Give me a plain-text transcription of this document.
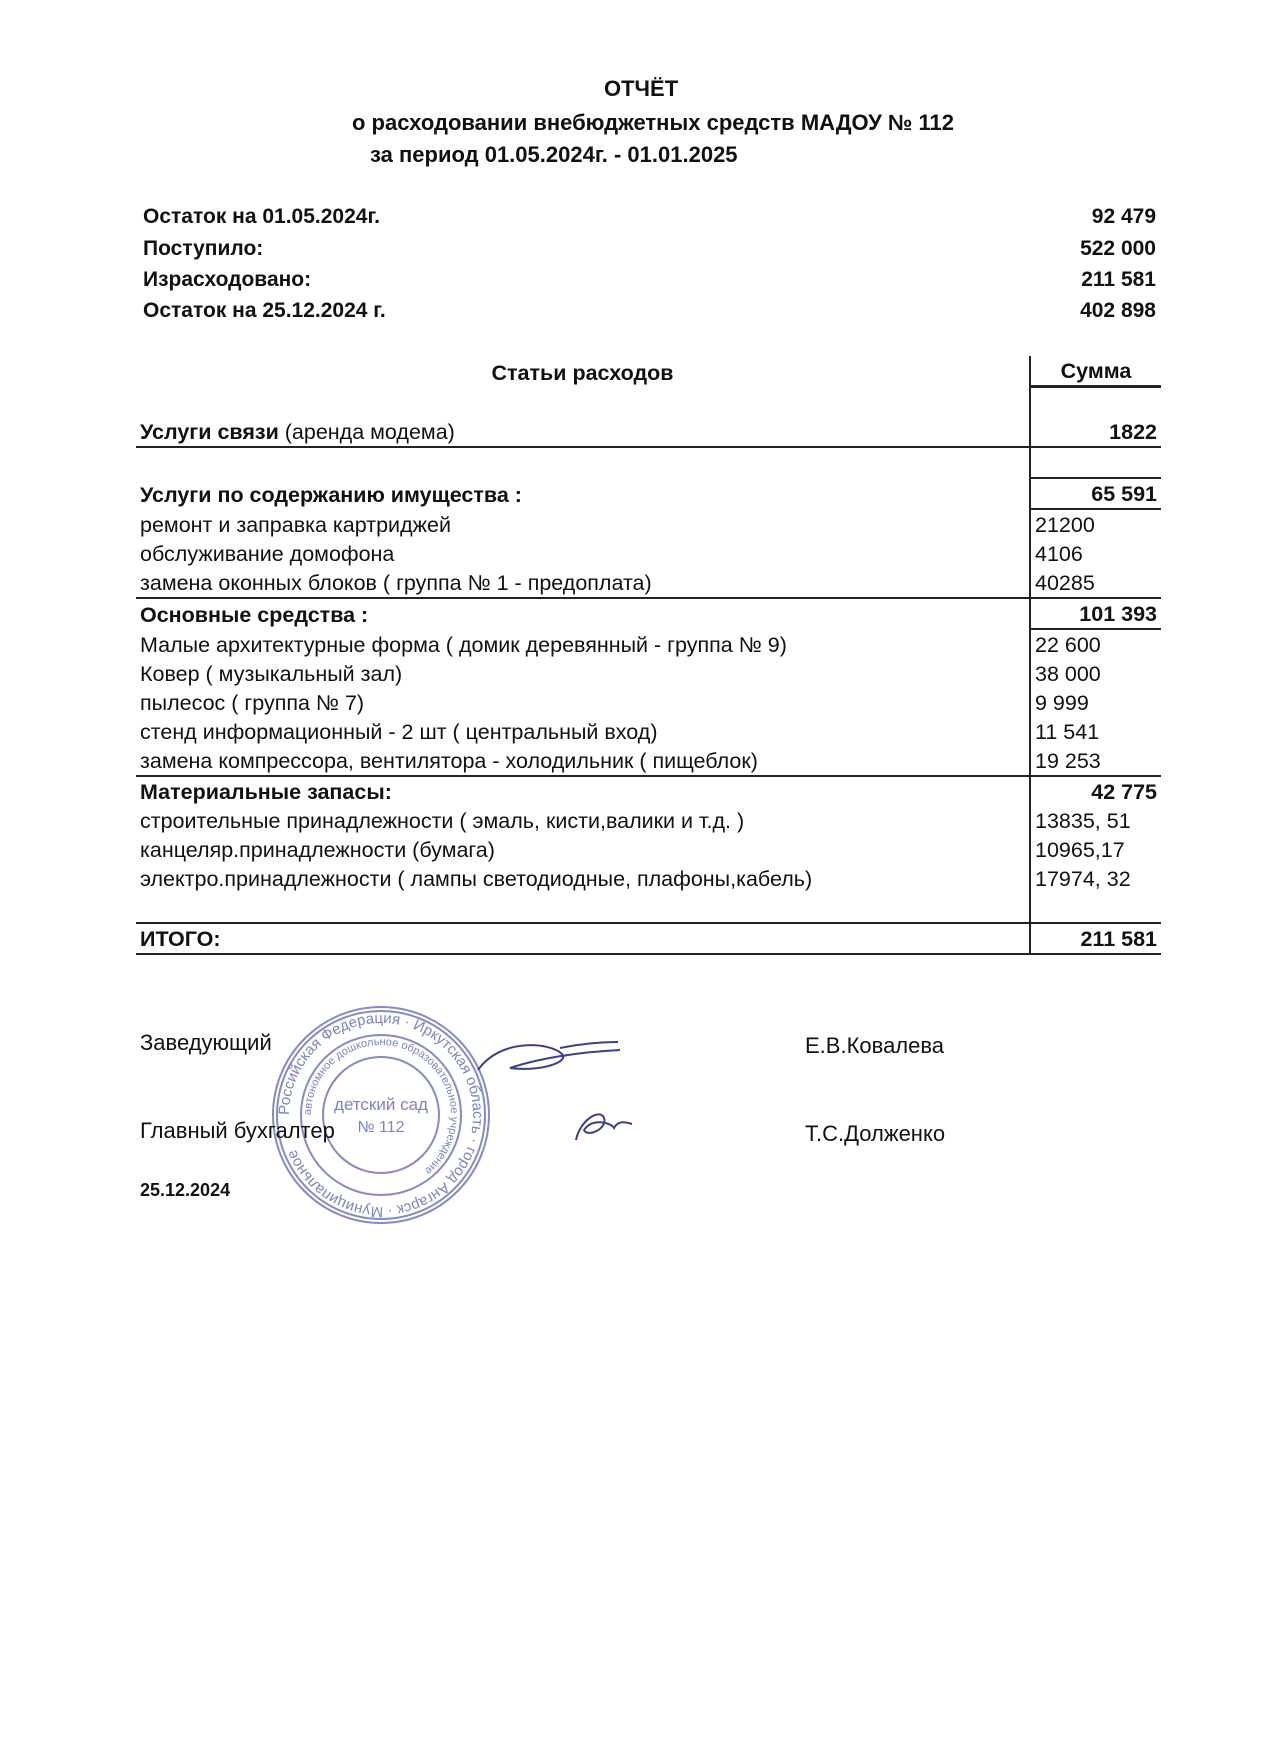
ОТЧЁТ
о расходовании внебюджетных средств МАДОУ № 112
за период 01.05.2024г. - 01.01.2025
Остаток на 01.05.2024г.	92 479
Поступило:	522 000
Израсходовано:	211 581
Остаток на 25.12.2024 г.	402 898
Статьи расходов	Сумма

Услуги связи (аренда модема)	1822

Услуги по содержанию имущества :	65 591
ремонт и заправка картриджей	21200
обслуживание домофона	4106
замена оконных блоков ( группа № 1 - предоплата)	40285
Основные средства :	101 393
Малые архитектурные форма ( домик деревянный - группа № 9)	22 600
Ковер ( музыкальный зал)	38 000
пылесос ( группа № 7)	9 999
стенд информационный - 2 шт ( центральный вход)	11 541
замена компрессора, вентилятора - холодильник ( пищеблок)	19 253
Материальные запасы:	42 775
строительные принадлежности ( эмаль, кисти,валики и т.д. )	13835, 51
канцеляр.принадлежности (бумага)	10965,17
электро.принадлежности ( лампы светодиодные, плафоны,кабель)	17974, 32

ИТОГО:	211 581
Российская Федерация · Иркутская область · город Ангарск · Муниципальное
автономное дошкольное образовательное учреждение
детский сад
№ 112
Заведующий	Е.В.Ковалева
Главный бухгалтер	Т.С.Долженко
25.12.2024
